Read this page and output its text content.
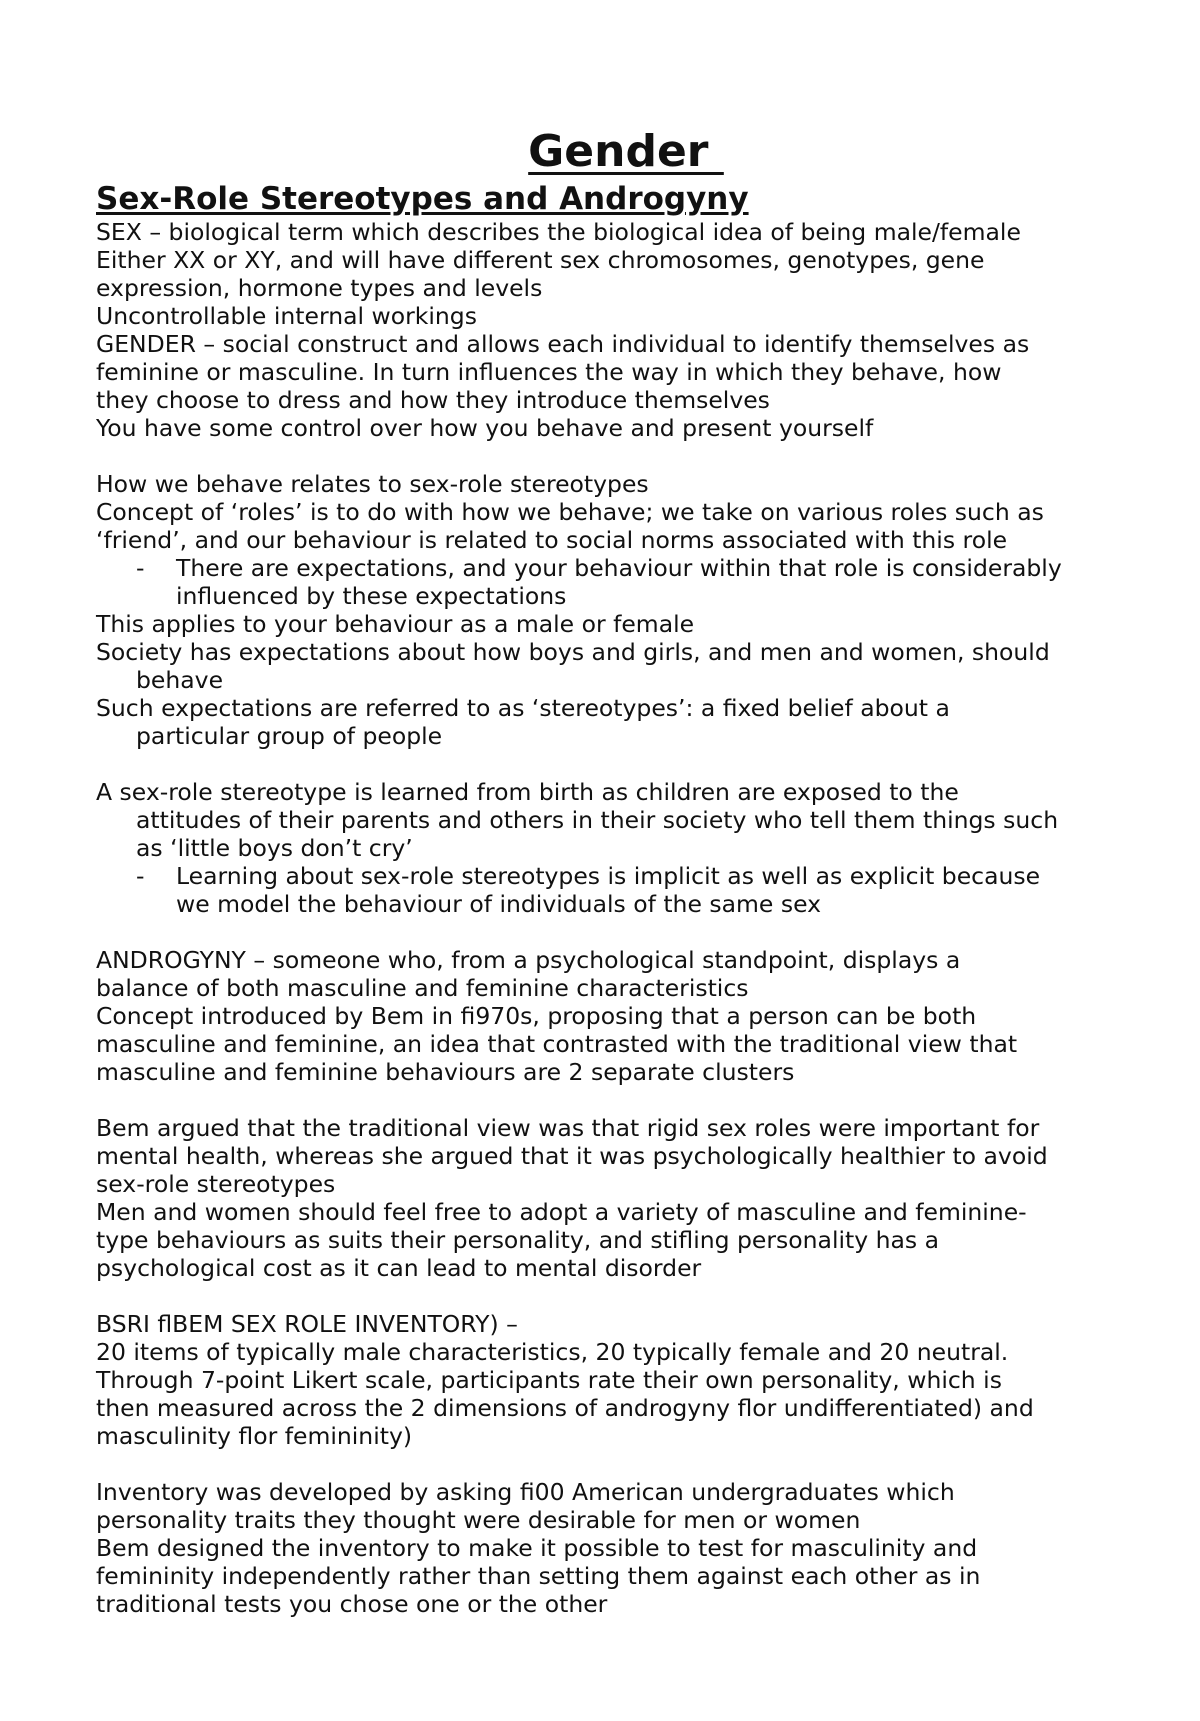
Gender

Sex-Role Stereotypes and Androgyny

SEX – biological term which describes the biological idea of being male/female

Either XX or XY, and will have different sex chromosomes, genotypes, gene

expression, hormone types and levels

Uncontrollable internal workings

GENDER – social construct and allows each individual to identify themselves as

feminine or masculine. In turn influences the way in which they behave, how

they choose to dress and how they introduce themselves

You have some control over how you behave and present yourself

How we behave relates to sex-role stereotypes

Concept of ‘roles’ is to do with how we behave; we take on various roles such as

‘friend’, and our behaviour is related to social norms associated with this role

- There are expectations, and your behaviour within that role is considerably

influenced by these expectations

This applies to your behaviour as a male or female

Society has expectations about how boys and girls, and men and women, should

behave

Such expectations are referred to as ‘stereotypes’: a fixed belief about a

particular group of people

A sex-role stereotype is learned from birth as children are exposed to the

attitudes of their parents and others in their society who tell them things such

as ‘little boys don’t cry’

- Learning about sex-role stereotypes is implicit as well as explicit because

we model the behaviour of individuals of the same sex

ANDROGYNY – someone who, from a psychological standpoint, displays a

balance of both masculine and feminine characteristics

Concept introduced by Bem in fi970s, proposing that a person can be both

masculine and feminine, an idea that contrasted with the traditional view that

masculine and feminine behaviours are 2 separate clusters

Bem argued that the traditional view was that rigid sex roles were important for

mental health, whereas she argued that it was psychologically healthier to avoid

sex-role stereotypes

Men and women should feel free to adopt a variety of masculine and feminine-

type behaviours as suits their personality, and stifling personality has a

psychological cost as it can lead to mental disorder

BSRI flBEM SEX ROLE INVENTORY) –

20 items of typically male characteristics, 20 typically female and 20 neutral.

Through 7-point Likert scale, participants rate their own personality, which is

then measured across the 2 dimensions of androgyny flor undifferentiated) and

masculinity flor femininity)

Inventory was developed by asking fi00 American undergraduates which

personality traits they thought were desirable for men or women

Bem designed the inventory to make it possible to test for masculinity and

femininity independently rather than setting them against each other as in

traditional tests you chose one or the other
